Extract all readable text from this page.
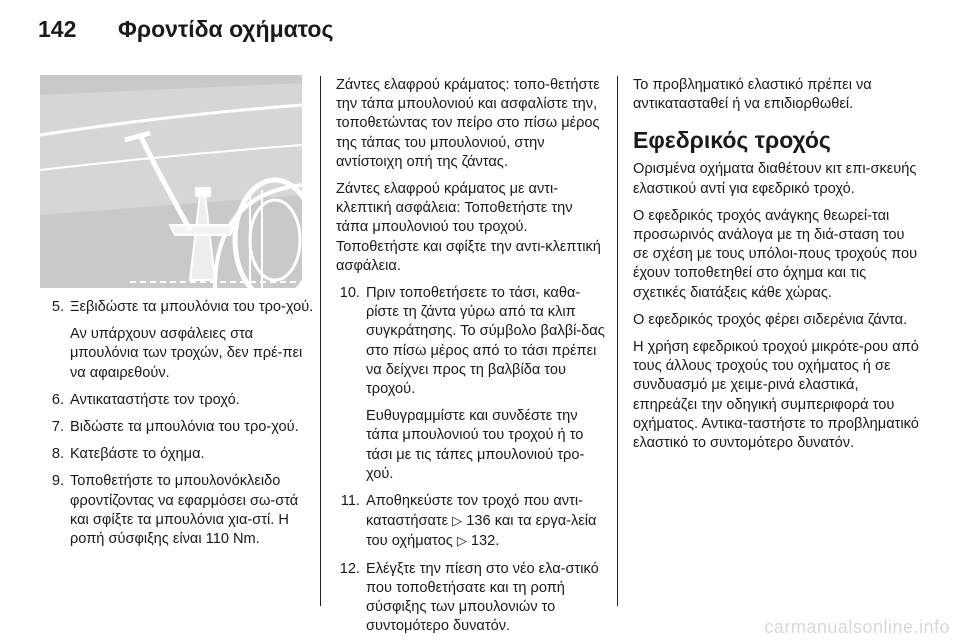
142 Φροντίδα οχήματος
5. Ξεβιδώστε τα μπουλόνια του τρο-χού.

Αν υπάρχουν ασφάλειες στα μπουλόνια των τροχών, δεν πρέ-πει να αφαιρεθούν.

6. Αντικαταστήστε τον τροχό.

7. Βιδώστε τα μπουλόνια του τρο-χού.

8. Κατεβάστε το όχημα.

9. Τοποθετήστε το μπουλονόκλειδο φροντίζοντας να εφαρμόσει σω-στά και σφίξτε τα μπουλόνια χια-στί. Η ροπή σύσφιξης είναι 110 Nm.

Ζάντες ελαφρού κράματος: τοπο-θετήστε την τάπα μπουλονιού και ασφαλίστε την, τοποθετώντας τον πείρο στο πίσω μέρος της τάπας του μπουλονιού, στην αντίστοιχη οπή της ζάντας.

Ζάντες ελαφρού κράματος με αντι-κλεπτική ασφάλεια: Τοποθετήστε την τάπα μπουλονιού του τροχού. Τοποθετήστε και σφίξτε την αντι-κλεπτική ασφάλεια.

10. Πριν τοποθετήσετε το τάσι, καθα-ρίστε τη ζάντα γύρω από τα κλιπ συγκράτησης. Το σύμβολο βαλβί-δας στο πίσω μέρος από το τάσι πρέπει να δείχνει προς τη βαλβίδα του τροχού.

Ευθυγραμμίστε και συνδέστε την τάπα μπουλονιού του τροχού ή το τάσι με τις τάπες μπουλονιού τρο-χού.

11. Αποθηκεύστε τον τροχό που αντι-καταστήσατε ▷ 136 και τα εργα-λεία του οχήματος ▷ 132.

12. Ελέγξτε την πίεση στο νέο ελα-στικό που τοποθετήσατε και τη ροπή σύσφιξης των μπουλονιών το συντομότερο δυνατόν.

Το προβληματικό ελαστικό πρέπει να αντικατασταθεί ή να επιδιορθωθεί.

Εφεδρικός τροχός

Ορισμένα οχήματα διαθέτουν κιτ επι-σκευής ελαστικού αντί για εφεδρικό τροχό.

Ο εφεδρικός τροχός ανάγκης θεωρεί-ται προσωρινός ανάλογα με τη διά-σταση του σε σχέση με τους υπόλοι-πους τροχούς που έχουν τοποθετηθεί στο όχημα και τις σχετικές διατάξεις κάθε χώρας.

Ο εφεδρικός τροχός φέρει σιδερένια ζάντα.

Η χρήση εφεδρικού τροχού μικρότε-ρου από τους άλλους τροχούς του οχήματος ή σε συνδυασμό με χειμε-ρινά ελαστικά, επηρεάζει την οδηγική συμπεριφορά του οχήματος. Αντικα-ταστήστε το προβληματικό ελαστικό το συντομότερο δυνατόν.

carmanualsonline.info
